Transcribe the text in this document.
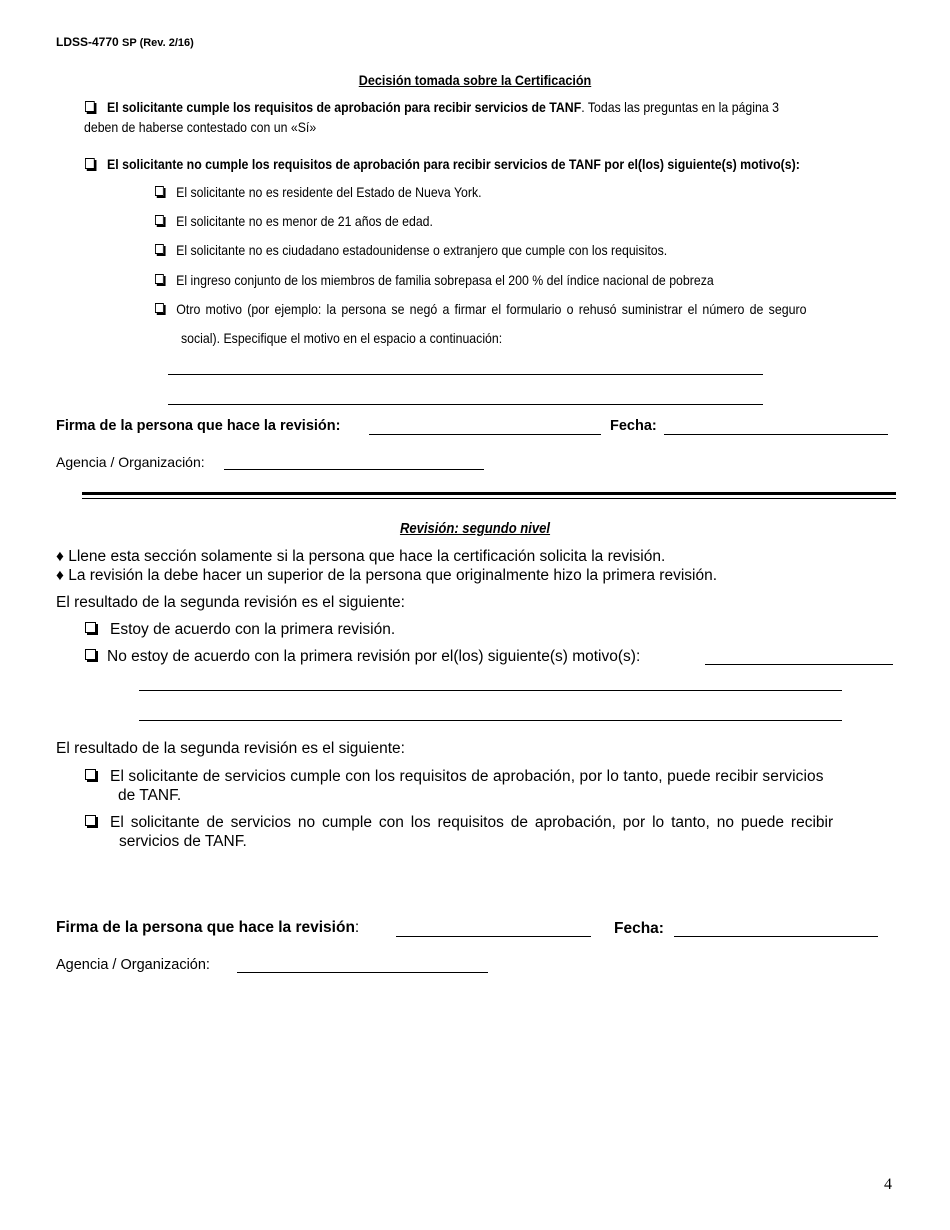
LDSS-4770 SP (Rev. 2/16)
Decisión tomada sobre la Certificación
El solicitante cumple los requisitos de aprobación para recibir servicios de TANF. Todas las preguntas en la página 3
deben de haberse contestado con un «Sí»
El solicitante no cumple los requisitos de aprobación para recibir servicios de TANF por el(los) siguiente(s) motivo(s):
El solicitante no es residente del Estado de Nueva York.
El solicitante no es menor de 21 años de edad.
El solicitante no es ciudadano estadounidense o extranjero que cumple con los requisitos.
El ingreso conjunto de los miembros de familia sobrepasa el 200 % del índice nacional de pobreza
Otro motivo (por ejemplo: la persona se negó a firmar el formulario o rehusó suministrar el número de seguro
social). Especifique el motivo en el espacio a continuación:
Firma de la persona que hace la revisión:	Fecha:
Agencia / Organización:
Revisión: segundo nivel
♦ Llene esta sección solamente si la persona que hace la certificación solicita la revisión.
♦ La revisión la debe hacer un superior de la persona que originalmente hizo la primera revisión.
El resultado de la segunda revisión es el siguiente:
Estoy de acuerdo con la primera revisión.
No estoy de acuerdo con la primera revisión por el(los) siguiente(s) motivo(s):
El resultado de la segunda revisión es el siguiente:
El solicitante de servicios cumple con los requisitos de aprobación, por lo tanto, puede recibir servicios
de TANF.
El solicitante de servicios no cumple con los requisitos de aprobación, por lo tanto, no puede recibir
servicios de TANF.
Firma de la persona que hace la revisión:	Fecha:
Agencia / Organización:
4
